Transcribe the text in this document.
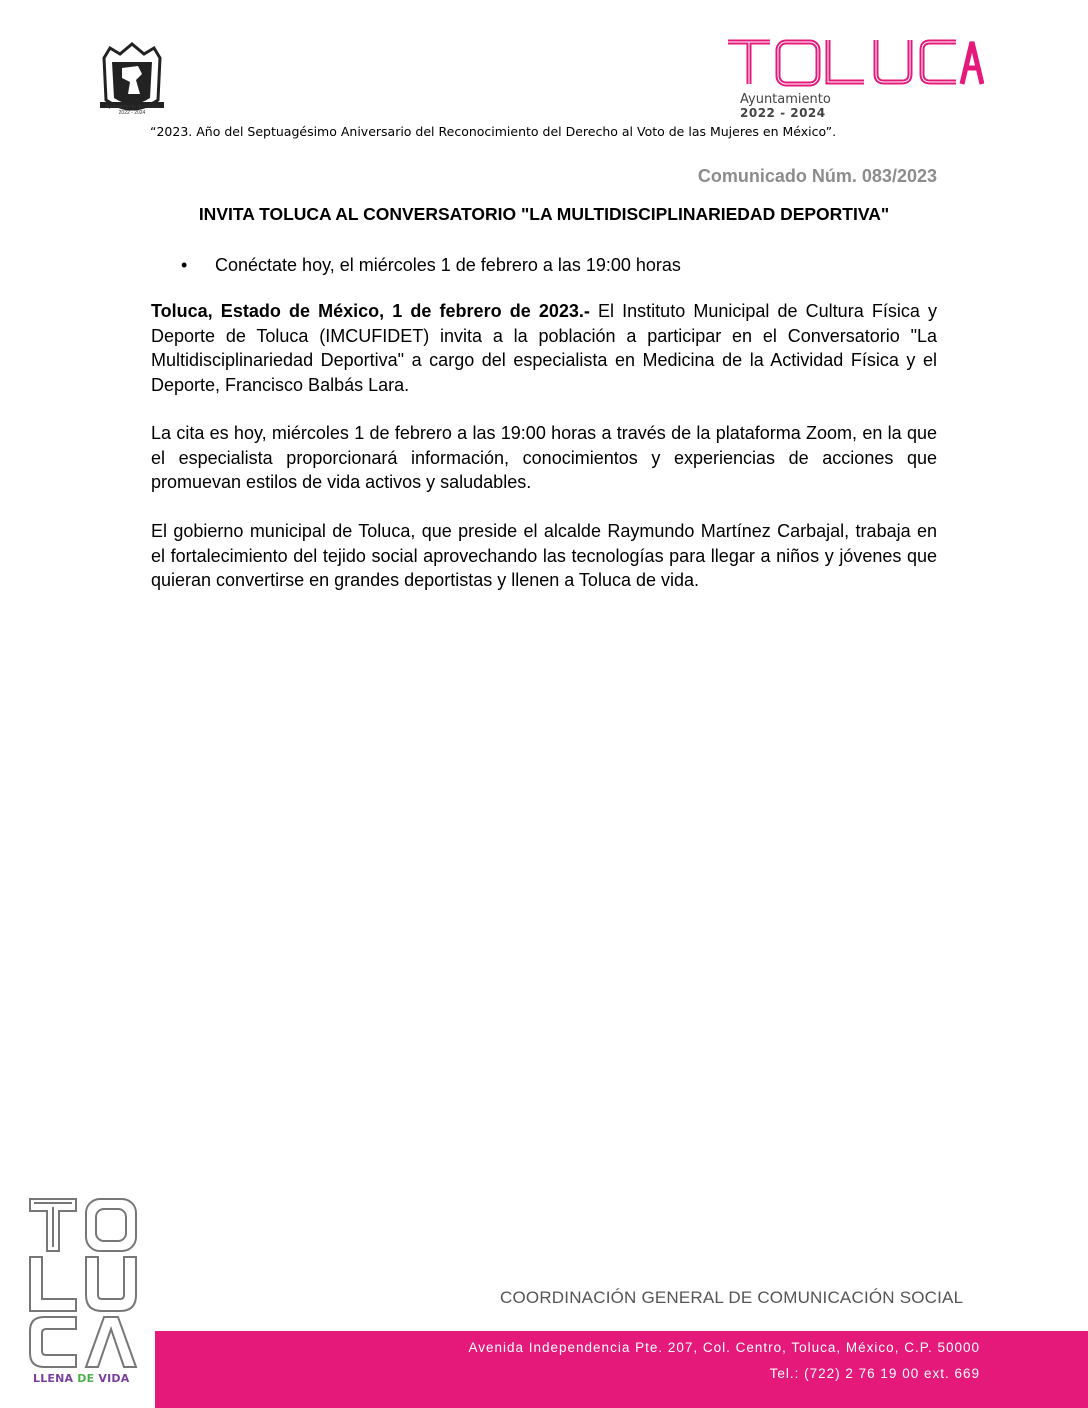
Ayuntamiento de Toluca
2022 - 2024
Ayuntamiento
2022 - 2024
“2023. Año del Septuagésimo Aniversario del Reconocimiento del Derecho al Voto de las Mujeres en México”.
Comunicado Núm. 083/2023
INVITA TOLUCA AL CONVERSATORIO "LA MULTIDISCIPLINARIEDAD DEPORTIVA"
•	Conéctate hoy, el miércoles 1 de febrero a las 19:00 horas
Toluca, Estado de México, 1 de febrero de 2023.- El Instituto Municipal de Cultura Física y Deporte de Toluca (IMCUFIDET) invita a la población a participar en el Conversatorio "La Multidisciplinariedad Deportiva" a cargo del especialista en Medicina de la Actividad Física y el Deporte, Francisco Balbás Lara.
La cita es hoy, miércoles 1 de febrero a las 19:00 horas a través de la plataforma Zoom, en la que el especialista proporcionará información, conocimientos y experiencias de acciones que promuevan estilos de vida activos y saludables.
El gobierno municipal de Toluca, que preside el alcalde Raymundo Martínez Carbajal, trabaja en el fortalecimiento del tejido social aprovechando las tecnologías para llegar a niños y jóvenes que quieran convertirse en grandes deportistas y llenen a Toluca de vida.
LLENA DE VIDA
COORDINACIÓN GENERAL DE COMUNICACIÓN SOCIAL
Avenida Independencia Pte. 207, Col. Centro, Toluca, México, C.P. 50000
Tel.: (722) 2 76 19 00 ext. 669
